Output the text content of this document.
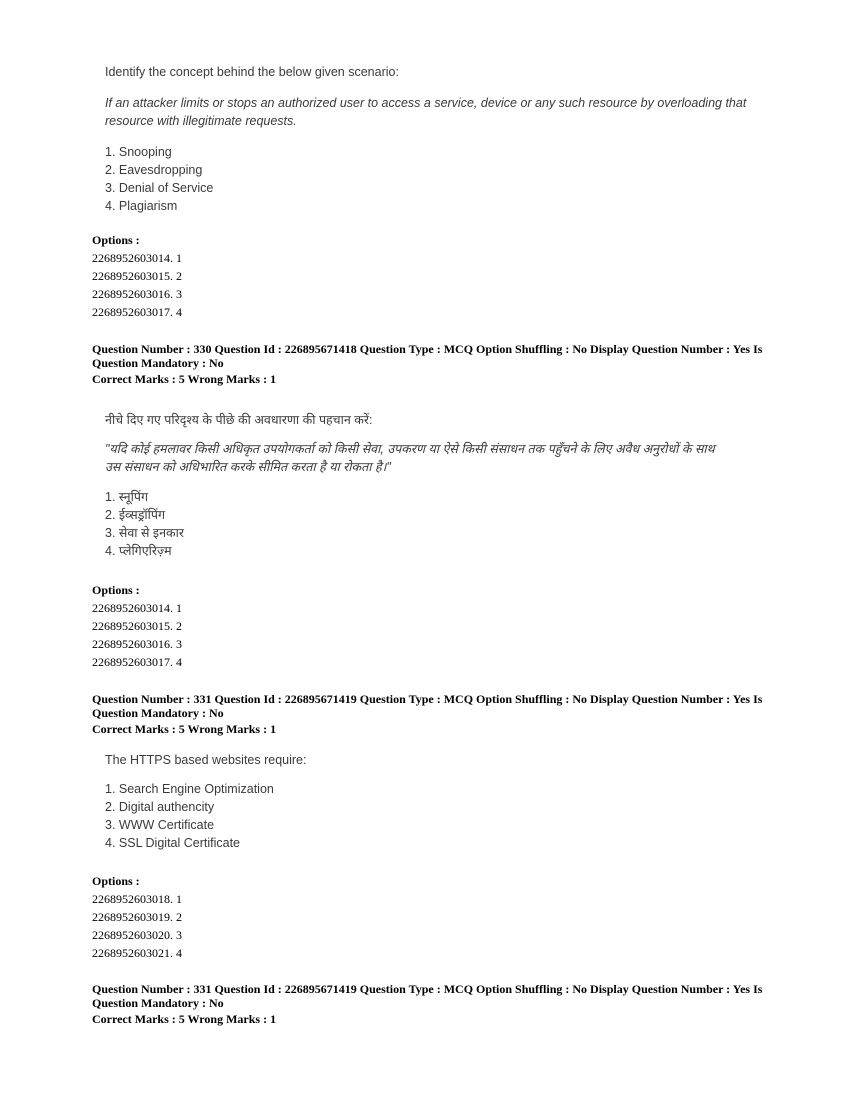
Identify the concept behind the below given scenario:

If an attacker limits or stops an authorized user to access a service, device or any such resource by overloading that

resource with illegitimate requests.

1. Snooping
2. Eavesdropping
3. Denial of Service
4. Plagiarism
Options :
2268952603014. 1
2268952603015. 2
2268952603016. 3
2268952603017. 4
Question Number : 330 Question Id : 226895671418 Question Type : MCQ Option Shuffling : No Display Question Number : Yes Is Question Mandatory : No
Correct Marks : 5 Wrong Marks : 1

नीचे दिए गए परिदृश्य के पीछे की अवधारणा की पहचान करें:

"यदि कोई हमलावर किसी अधिकृत उपयोगकर्ता को किसी सेवा, उपकरण या ऐसे किसी संसाधन तक पहुँचने के लिए अवैध अनुरोधों के साथ

उस संसाधन को अधिभारित करके सीमित करता है या रोकता है।"

1. स्नूपिंग
2. ईव्सड्रॉपिंग
3. सेवा से इनकार
4. प्लेगिएरिज़्म
Options :
2268952603014. 1
2268952603015. 2
2268952603016. 3
2268952603017. 4
Question Number : 331 Question Id : 226895671419 Question Type : MCQ Option Shuffling : No Display Question Number : Yes Is Question Mandatory : No
Correct Marks : 5 Wrong Marks : 1

The HTTPS based websites require:

1. Search Engine Optimization
2. Digital authencity
3. WWW Certificate
4. SSL Digital Certificate
Options :
2268952603018. 1
2268952603019. 2
2268952603020. 3
2268952603021. 4
Question Number : 331 Question Id : 226895671419 Question Type : MCQ Option Shuffling : No Display Question Number : Yes Is Question Mandatory : No
Correct Marks : 5 Wrong Marks : 1
